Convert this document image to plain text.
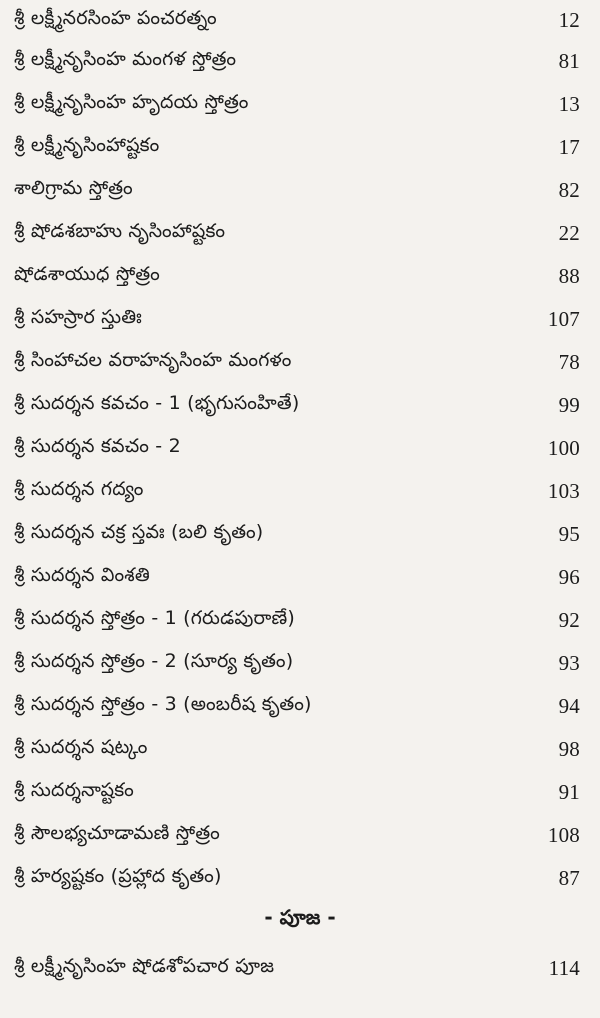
శ్రీ లక్ష్మీనరసింహ పంచరత్నం	12
శ్రీ లక్ష్మీనృసింహ మంగళ స్తోత్రం	81
శ్రీ లక్ష్మీనృసింహ హృదయ స్తోత్రం	13
శ్రీ లక్ష్మీనృసింహాష్టకం	17
శాలిగ్రామ స్తోత్రం	82
శ్రీ షోడశబాహు నృసింహాష్టకం	22
షోడశాయుధ స్తోత్రం	88
శ్రీ సహస్రార స్తుతిః	107
శ్రీ సింహాచల వరాహనృసింహ మంగళం	78
శ్రీ సుదర్శన కవచం - 1 (భృగుసంహితే)	99
శ్రీ సుదర్శన కవచం - 2	100
శ్రీ సుదర్శన గద్యం	103
శ్రీ సుదర్శన చక్ర స్తవః (బలి కృతం)	95
శ్రీ సుదర్శన వింశతి	96
శ్రీ సుదర్శన స్తోత్రం - 1 (గరుడపురాణే)	92
శ్రీ సుదర్శన స్తోత్రం - 2 (సూర్య కృతం)	93
శ్రీ సుదర్శన స్తోత్రం - 3 (అంబరీష కృతం)	94
శ్రీ సుదర్శన షట్కం	98
శ్రీ సుదర్శనాష్టకం	91
శ్రీ సౌలభ్యచూడామణి స్తోత్రం	108
శ్రీ హర్యష్టకం (ప్రహ్లాద కృతం)	87
- పూజ -
శ్రీ లక్ష్మీనృసింహ షోడశోపచార పూజ	114
